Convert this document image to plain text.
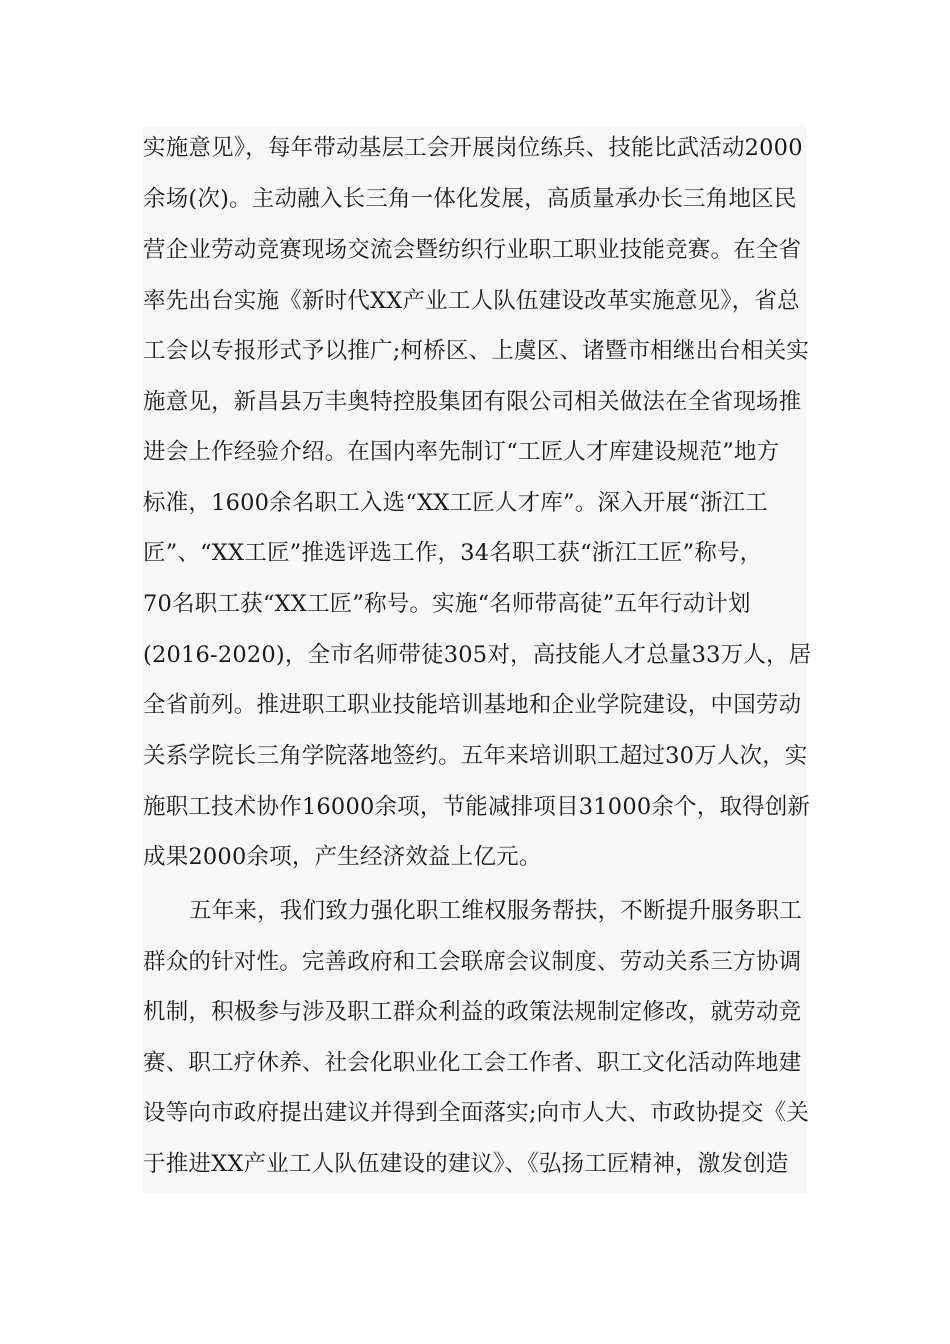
实施意见》，每年带动基层工会开展岗位练兵、技能比武活动2000
余场(次)。主动融入长三角一体化发展，高质量承办长三角地区民
营企业劳动竞赛现场交流会暨纺织行业职工职业技能竞赛。在全省
率先出台实施《新时代XX产业工人队伍建设改革实施意见》，省总
工会以专报形式予以推广;柯桥区、上虞区、诸暨市相继出台相关实
施意见，新昌县万丰奥特控股集团有限公司相关做法在全省现场推
进会上作经验介绍。在国内率先制订“工匠人才库建设规范”地方
标准，1600余名职工入选“XX工匠人才库”。深入开展“浙江工
匠”、“XX工匠”推选评选工作，34名职工获“浙江工匠”称号，
70名职工获“XX工匠”称号。实施“名师带高徒”五年行动计划
(2016-2020)，全市名师带徒305对，高技能人才总量33万人，居
全省前列。推进职工职业技能培训基地和企业学院建设，中国劳动
关系学院长三角学院落地签约。五年来培训职工超过30万人次，实
施职工技术协作16000余项，节能减排项目31000余个，取得创新
成果2000余项，产生经济效益上亿元。
五年来，我们致力强化职工维权服务帮扶，不断提升服务职工
群众的针对性。完善政府和工会联席会议制度、劳动关系三方协调
机制，积极参与涉及职工群众利益的政策法规制定修改，就劳动竞
赛、职工疗休养、社会化职业化工会工作者、职工文化活动阵地建
设等向市政府提出建议并得到全面落实;向市人大、市政协提交《关
于推进XX产业工人队伍建设的建议》、《弘扬工匠精神，激发创造
